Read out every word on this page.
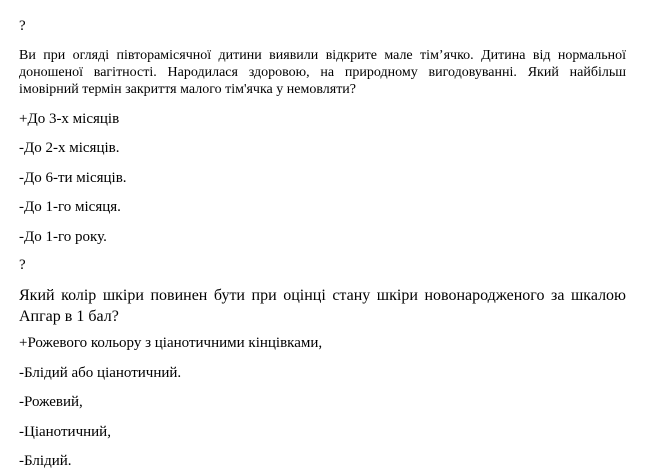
?
Ви при огляді півторамісячної дитини виявили відкрите мале тім’ячко. Дитина від нормальної доношеної вагітності. Народилася здоровою, на природному вигодовуванні. Який найбільш імовірний термін закриття малого тім'ячка у немовляти?
+До 3-х місяців
-До 2-х місяців.
-До 6-ти місяців.
-До 1-го місяця.
-До 1-го року.
?
Який колір шкіри повинен бути при оцінці стану шкіри новонародженого за шкалою Апгар в 1 бал?
+Рожевого кольору з ціанотичними кінцівками,
-Блідий або ціанотичний.
-Рожевий,
-Ціанотичний,
-Блідий.
